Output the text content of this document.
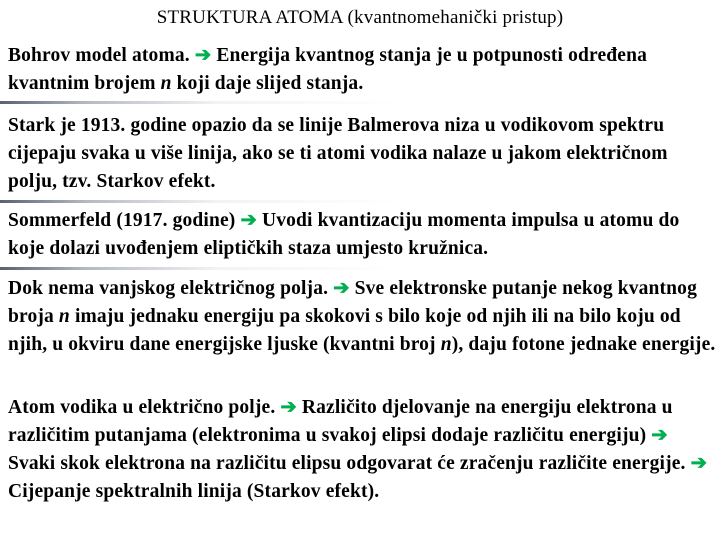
STRUKTURA ATOMA (kvantnomehanički pristup)
Bohrov model atoma. ➔ Energija kvantnog stanja je u potpunosti određena kvantnim brojem n koji daje slijed stanja.
Stark je 1913. godine opazio da se linije Balmerova niza u vodikovom spektru cijepaju svaka u više linija, ako se ti atomi vodika nalaze u jakom električnom polju, tzv. Starkov efekt.
Sommerfeld (1917. godine) ➔ Uvodi kvantizaciju momenta impulsa u atomu do koje dolazi uvođenjem eliptičkih staza umjesto kružnica.
Dok nema vanjskog električnog polja. ➔ Sve elektronske putanje nekog kvantnog broja n imaju jednaku energiju pa skokovi s bilo koje od njih ili na bilo koju od njih, u okviru dane energijske ljuske (kvantni broj n), daju fotone jednake energije.
Atom vodika u električno polje. ➔ Različito djelovanje na energiju elektrona u različitim putanjama (elektronima u svakoj elipsi dodaje različitu energiju) ➔ Svaki skok elektrona na različitu elipsu odgovarat će zračenju različite energije. ➔ Cijepanje spektralnih linija (Starkov efekt).
